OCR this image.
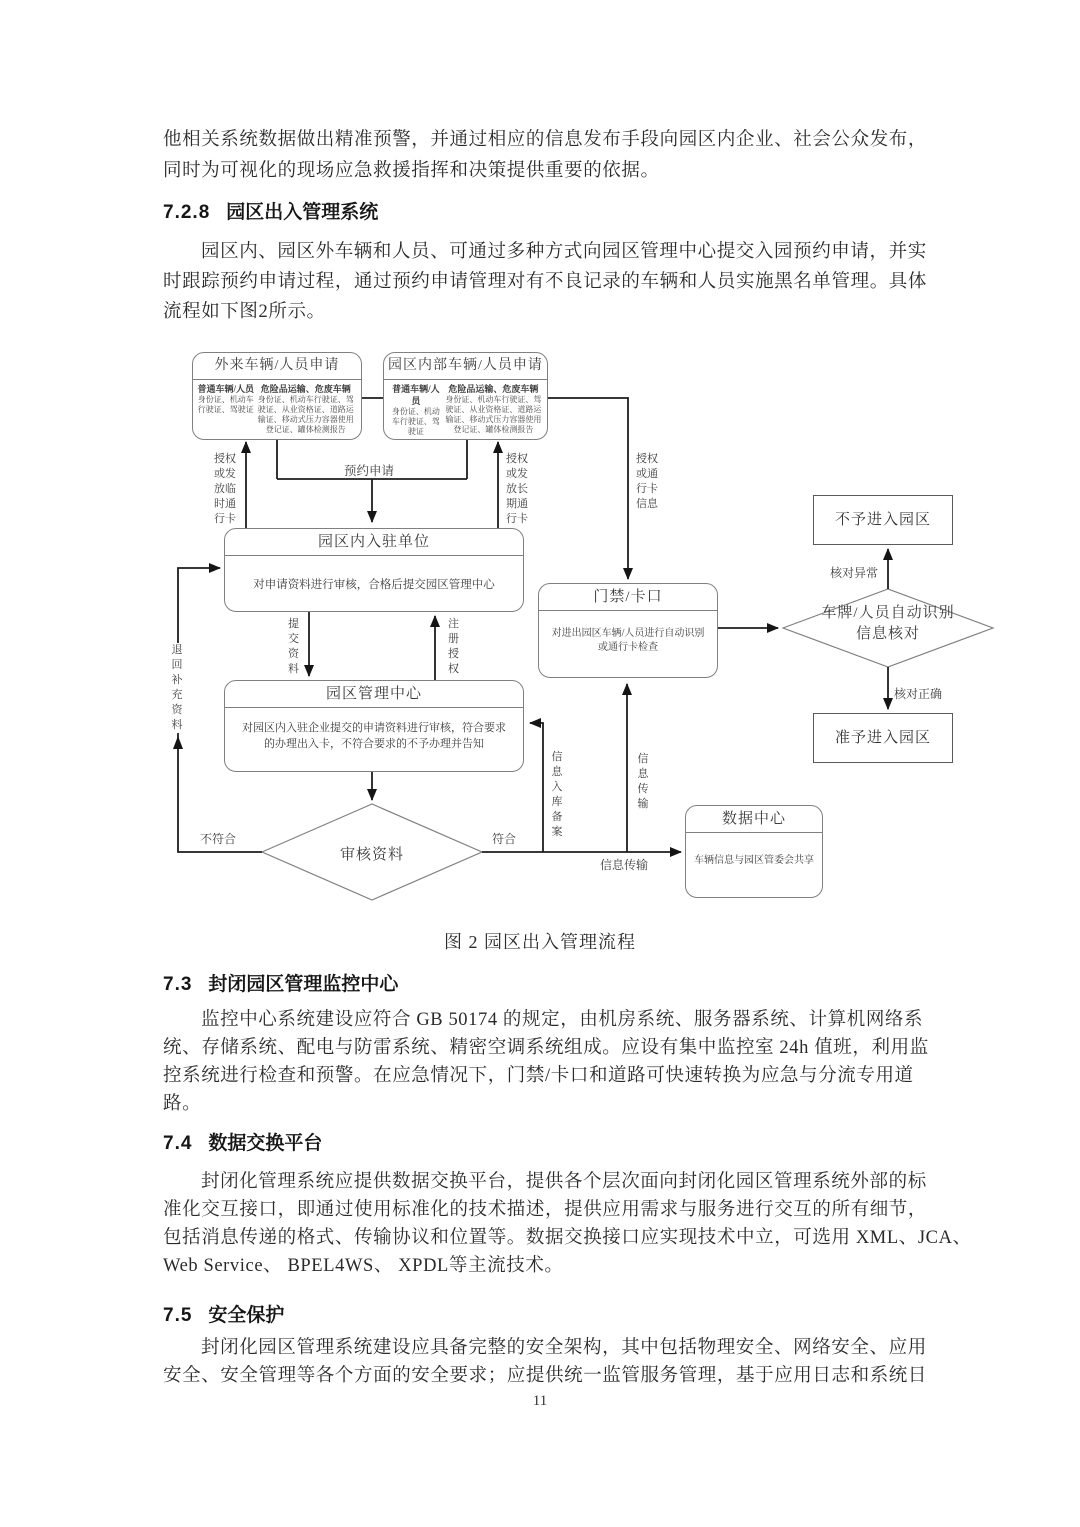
他相关系统数据做出精准预警，并通过相应的信息发布手段向园区内企业、社会公众发布，
同时为可视化的现场应急救援指挥和决策提供重要的依据。
7.2.8 园区出入管理系统
园区内、园区外车辆和人员、可通过多种方式向园区管理中心提交入园预约申请，并实
时跟踪预约申请过程，通过预约申请管理对有不良记录的车辆和人员实施黑名单管理。具体
流程如下图2所示。
外来车辆/人员申请
普通车辆/人员
身份证、机动车行驶证、驾驶证
危险品运输、危废车辆
身份证、机动车行驶证、驾驶证、从业资格证、道路运输证、移动式压力容器使用登记证、罐体检测报告
园区内部车辆/人员申请
普通车辆/人员
身份证、机动车行驶证、驾驶证
危险品运输、危废车辆
身份证、机动车行驶证、驾驶证、从业资格证、道路运输证、移动式压力容器使用登记证、罐体检测报告
园区内入驻单位
对申请资料进行审核，合格后提交园区管理中心
园区管理中心
对园区内入驻企业提交的申请资料进行审核，符合要求的办理出入卡，不符合要求的不予办理并告知
门禁/卡口
对进出园区车辆/人员进行自动识别或通行卡检查
数据中心
车辆信息与园区管委会共享
不予进入园区
准予进入园区
审核资料
车牌/人员自动识别
信息核对
授权或发放临时通行卡
预约申请
授权或发放长期通行卡
授权或通行卡信息
提交资料
注册授权
退回补充资料
不符合	符合
信息入库备案
信息传输
信息传输
核对异常
核对正确
图 2 园区出入管理流程
7.3 封闭园区管理监控中心
监控中心系统建设应符合 GB 50174 的规定，由机房系统、服务器系统、计算机网络系
统、存储系统、配电与防雷系统、精密空调系统组成。应设有集中监控室 24h 值班，利用监
控系统进行检查和预警。在应急情况下，门禁/卡口和道路可快速转换为应急与分流专用道
路。
7.4 数据交换平台
封闭化管理系统应提供数据交换平台，提供各个层次面向封闭化园区管理系统外部的标
准化交互接口，即通过使用标准化的技术描述，提供应用需求与服务进行交互的所有细节，
包括消息传递的格式、传输协议和位置等。数据交换接口应实现技术中立，可选用 XML、JCA、
Web Service、 BPEL4WS、 XPDL等主流技术。
7.5 安全保护
封闭化园区管理系统建设应具备完整的安全架构，其中包括物理安全、网络安全、应用
安全、安全管理等各个方面的安全要求；应提供统一监管服务管理，基于应用日志和系统日
11
